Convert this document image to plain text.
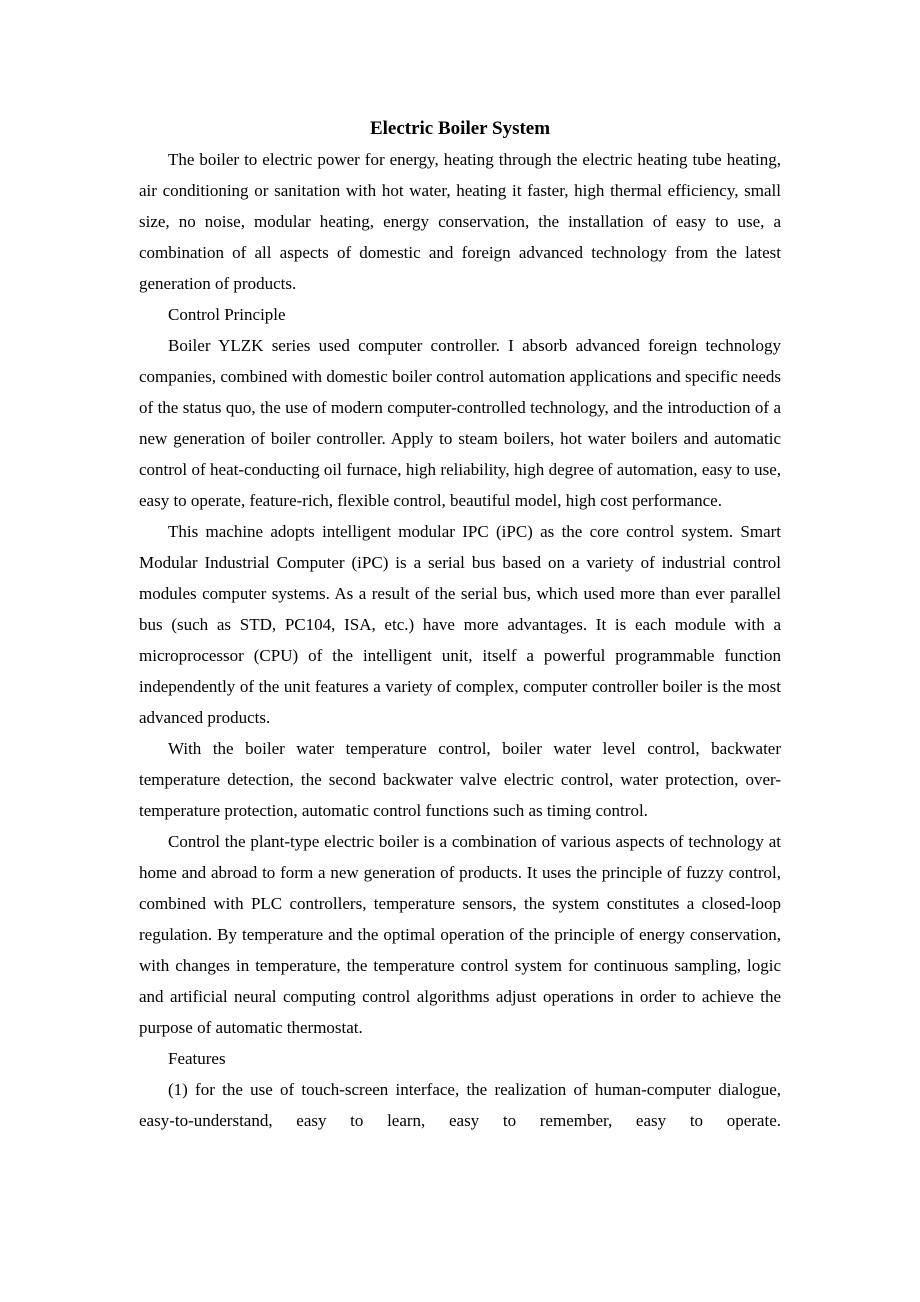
Electric Boiler System

The boiler to electric power for energy, heating through the electric heating tube heating, air conditioning or sanitation with hot water, heating it faster, high thermal efficiency, small size, no noise, modular heating, energy conservation, the installation of easy to use, a combination of all aspects of domestic and foreign advanced technology from the latest generation of products.

Control Principle

Boiler YLZK series used computer controller. I absorb advanced foreign technology companies, combined with domestic boiler control automation applications and specific needs of the status quo, the use of modern computer-controlled technology, and the introduction of a new generation of boiler controller. Apply to steam boilers, hot water boilers and automatic control of heat-conducting oil furnace, high reliability, high degree of automation, easy to use, easy to operate, feature-rich, flexible control, beautiful model, high cost performance.

This machine adopts intelligent modular IPC (iPC) as the core control system. Smart Modular Industrial Computer (iPC) is a serial bus based on a variety of industrial control modules computer systems. As a result of the serial bus, which used more than ever parallel bus (such as STD, PC104, ISA, etc.) have more advantages. It is each module with a microprocessor (CPU) of the intelligent unit, itself a powerful programmable function independently of the unit features a variety of complex, computer controller boiler is the most advanced products.

With the boiler water temperature control, boiler water level control, backwater temperature detection, the second backwater valve electric control, water protection, over-temperature protection, automatic control functions such as timing control.

Control the plant-type electric boiler is a combination of various aspects of technology at home and abroad to form a new generation of products. It uses the principle of fuzzy control, combined with PLC controllers, temperature sensors, the system constitutes a closed-loop regulation. By temperature and the optimal operation of the principle of energy conservation, with changes in temperature, the temperature control system for continuous sampling, logic and artificial neural computing control algorithms adjust operations in order to achieve the purpose of automatic thermostat.

Features

(1) for the use of touch-screen interface, the realization of human-computer dialogue, easy-to-understand, easy to learn, easy to remember, easy to operate.
